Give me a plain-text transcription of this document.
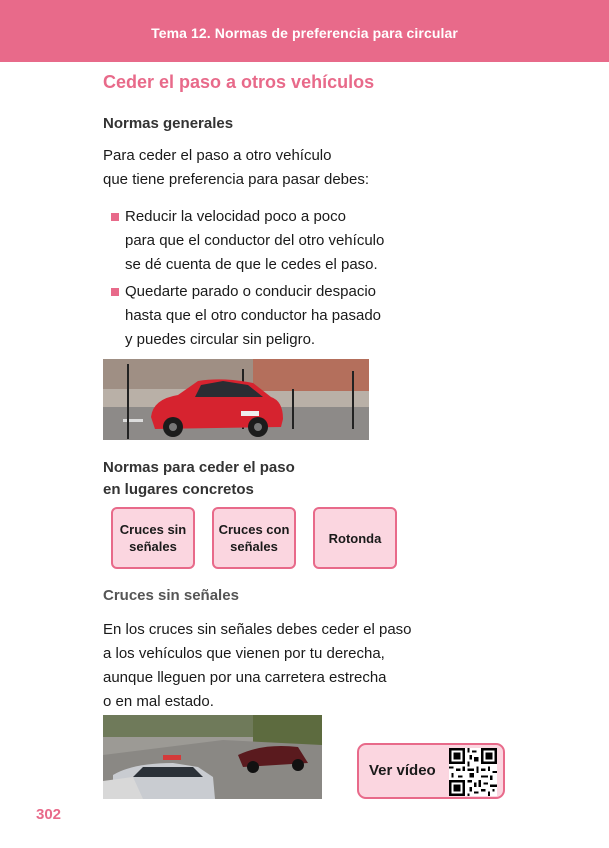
Tema 12. Normas de preferencia para circular
Ceder el paso a otros vehículos
Normas generales
Para ceder el paso a otro vehículo
que tiene preferencia para pasar debes:
Reducir la velocidad poco a poco
para que el conductor del otro vehículo
se dé cuenta de que le cedes el paso.
Quedarte parado o conducir despacio
hasta que el otro conductor ha pasado
y puedes circular sin peligro.
Normas para ceder el paso
en lugares concretos
Cruces sin
señales
Cruces con
señales
Rotonda
Cruces sin señales
En los cruces sin señales debes ceder el paso
a los vehículos que vienen por tu derecha,
aunque lleguen por una carretera estrecha
o en mal estado.
Ver vídeo
302
